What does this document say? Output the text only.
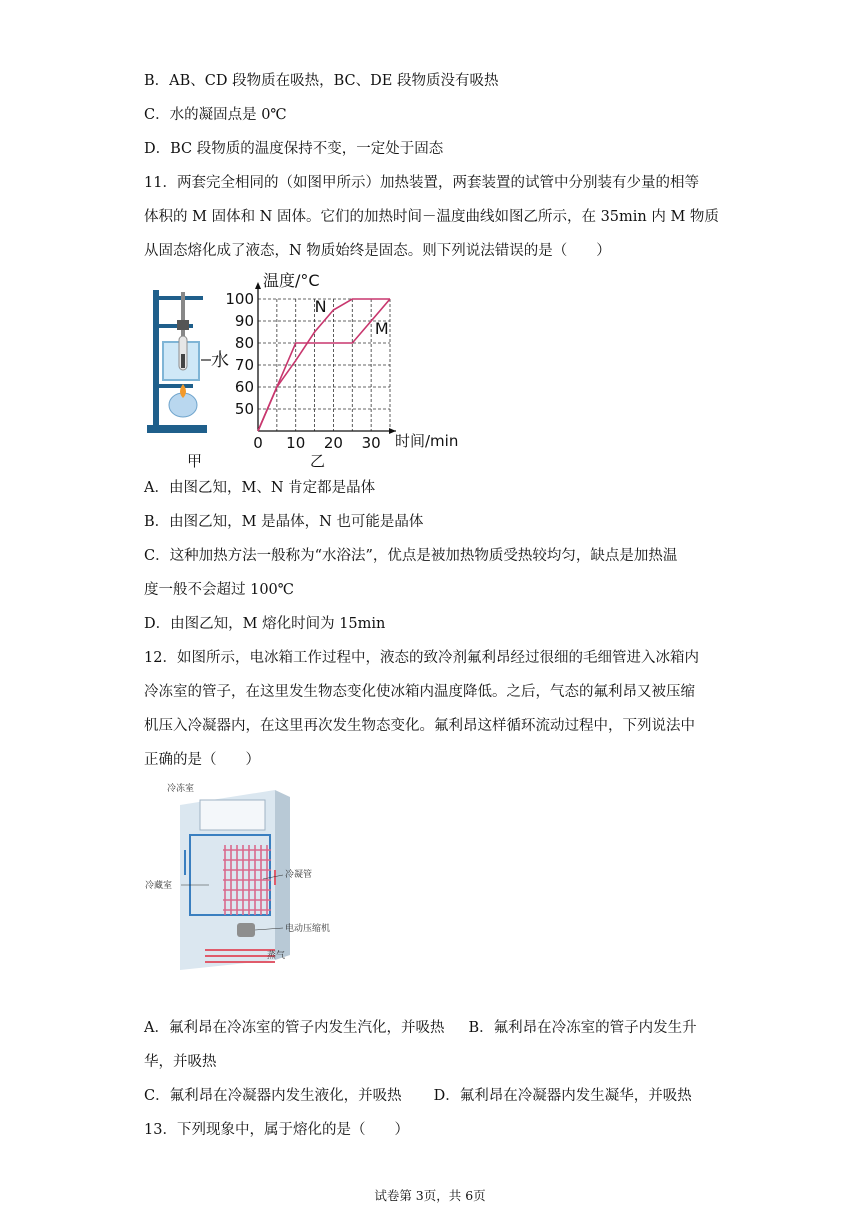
B．AB、CD 段物质在吸热，BC、DE 段物质没有吸热
C．水的凝固点是 0℃
D．BC 段物质的温度保持不变，一定处于固态
11．两套完全相同的（如图甲所示）加热装置，两套装置的试管中分别装有少量的相等
体积的 M 固体和 N 固体。它们的加热时间－温度曲线如图乙所示，在 35min 内 M 物质
从固态熔化成了液态，N 物质始终是固态。则下列说法错误的是（　　）
水
甲
温度/°C
时间/min
乙
50
60
70
80
90
100
0 10 20 30
N
M
A．由图乙知，M、N 肯定都是晶体
B．由图乙知，M 是晶体，N 也可能是晶体
C．这种加热方法一般称为“水浴法”，优点是被加热物质受热较均匀，缺点是加热温
度一般不会超过 100℃
D．由图乙知，M 熔化时间为 15min
12．如图所示，电冰箱工作过程中，液态的致冷剂氟利昂经过很细的毛细管进入冰箱内
冷冻室的管子，在这里发生物态变化使冰箱内温度降低。之后，气态的氟利昂又被压缩
机压入冷凝器内，在这里再次发生物态变化。氟利昂这样循环流动过程中，下列说法中
正确的是（　　）
冷冻室
冷藏室
冷凝管
电动压缩机
蒸气
A．氟利昂在冷冻室的管子内发生汽化，并吸热 B．氟利昂在冷冻室的管子内发生升
华，并吸热
C．氟利昂在冷凝器内发生液化，并吸热 D．氟利昂在冷凝器内发生凝华，并吸热
13．下列现象中，属于熔化的是（　　）
试卷第 3页，共 6页
